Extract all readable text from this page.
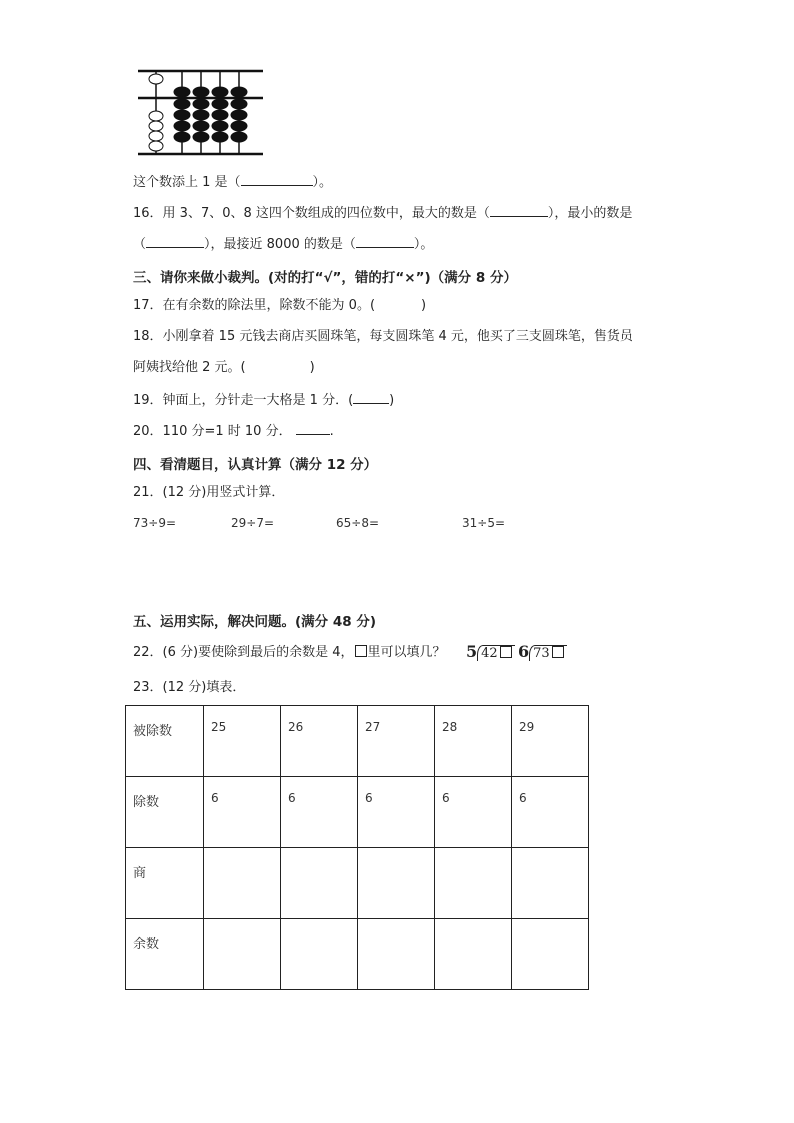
这个数添上 1 是（	）。
16．用 3、7、0、8 这四个数组成的四位数中，最大的数是（	），最小的数是
（	），最接近 8000 的数是（	）。
三、请你来做小裁判。(对的打“√”，错的打“×”)（满分 8 分）
17．在有余数的除法里，除数不能为 0。(	)
18．小刚拿着 15 元钱去商店买圆珠笔，每支圆珠笔 4 元，他买了三支圆珠笔，售货员
阿姨找给他 2 元。(	)
19．钟面上，分针走一大格是 1 分．(	)
20．110 分=1 时 10 分．	.
四、看清题目，认真计算（满分 12 分）
21．(12 分)用竖式计算．
73÷9=	29÷7=	65÷8=	31÷5=
五、运用实际，解决问题。(满分 48 分)
22．(6 分)要使除到最后的余数是 4， 里可以填几？ 5 42	6 73
23．(12 分)填表．
被除数	25	26	27	28	29
除数	6	6	6	6	6
商					
余数					
